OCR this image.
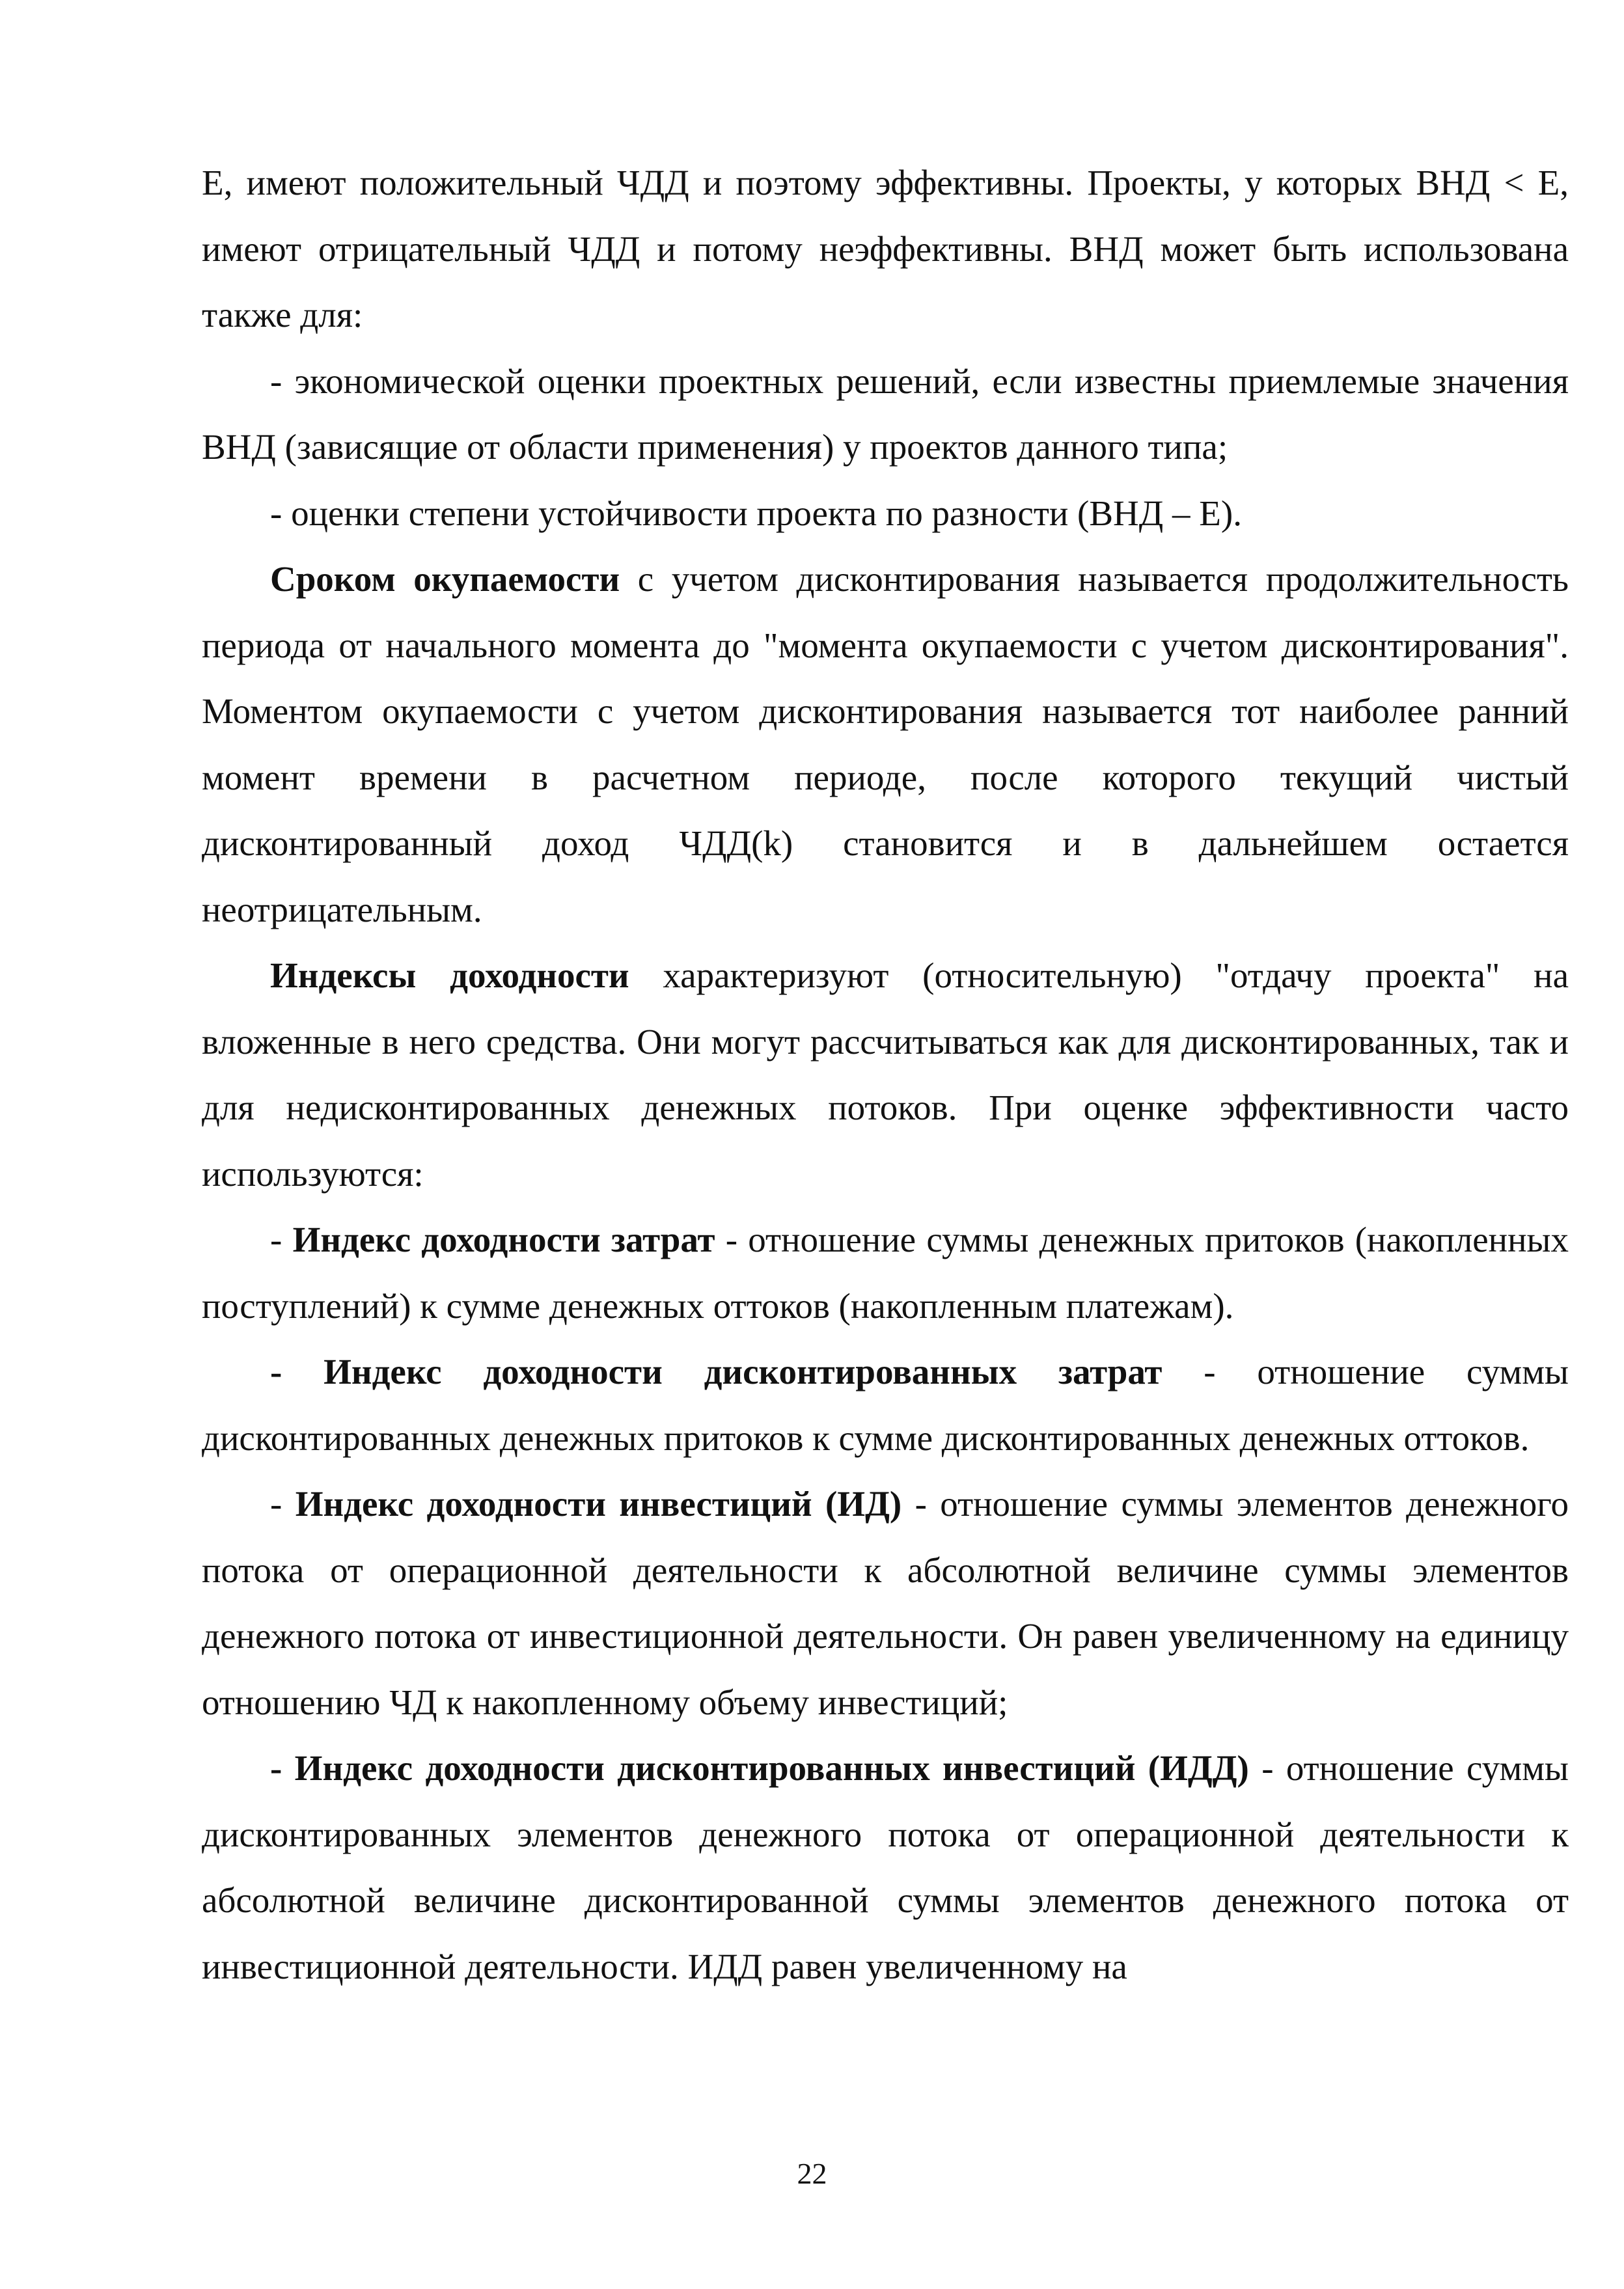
Е, имеют положительный ЧДД и поэтому эффективны. Проекты, у которых ВНД < Е, имеют отрицательный ЧДД и потому неэффективны. ВНД может быть использована также для:

- экономической оценки проектных решений, если известны приемлемые значения ВНД (зависящие от области применения) у проектов данного типа;

- оценки степени устойчивости проекта по разности (ВНД – Е).

Сроком окупаемости с учетом дисконтирования называется продолжительность периода от начального момента до "момента окупаемости с учетом дисконтирования". Моментом окупаемости с учетом дисконтирования называется тот наиболее ранний момент времени в расчетном периоде, после которого текущий чистый дисконтированный доход ЧДД(k) становится и в дальнейшем остается неотрицательным.

Индексы доходности характеризуют (относительную) "отдачу проекта" на вложенные в него средства. Они могут рассчитываться как для дисконтированных, так и для недисконтированных денежных потоков. При оценке эффективности часто используются:

- Индекс доходности затрат - отношение суммы денежных притоков (накопленных поступлений) к сумме денежных оттоков (накопленным платежам).

- Индекс доходности дисконтированных затрат - отношение суммы дисконтированных денежных притоков к сумме дисконтированных денежных оттоков.

- Индекс доходности инвестиций (ИД) - отношение суммы элементов денежного потока от операционной деятельности к абсолютной величине суммы элементов денежного потока от инвестиционной деятельности. Он равен увеличенному на единицу отношению ЧД к накопленному объему инвестиций;

- Индекс доходности дисконтированных инвестиций (ИДД) - отношение суммы дисконтированных элементов денежного потока от операционной деятельности к абсолютной величине дисконтированной суммы элементов денежного потока от инвестиционной деятельности. ИДД равен увеличенному на

22
